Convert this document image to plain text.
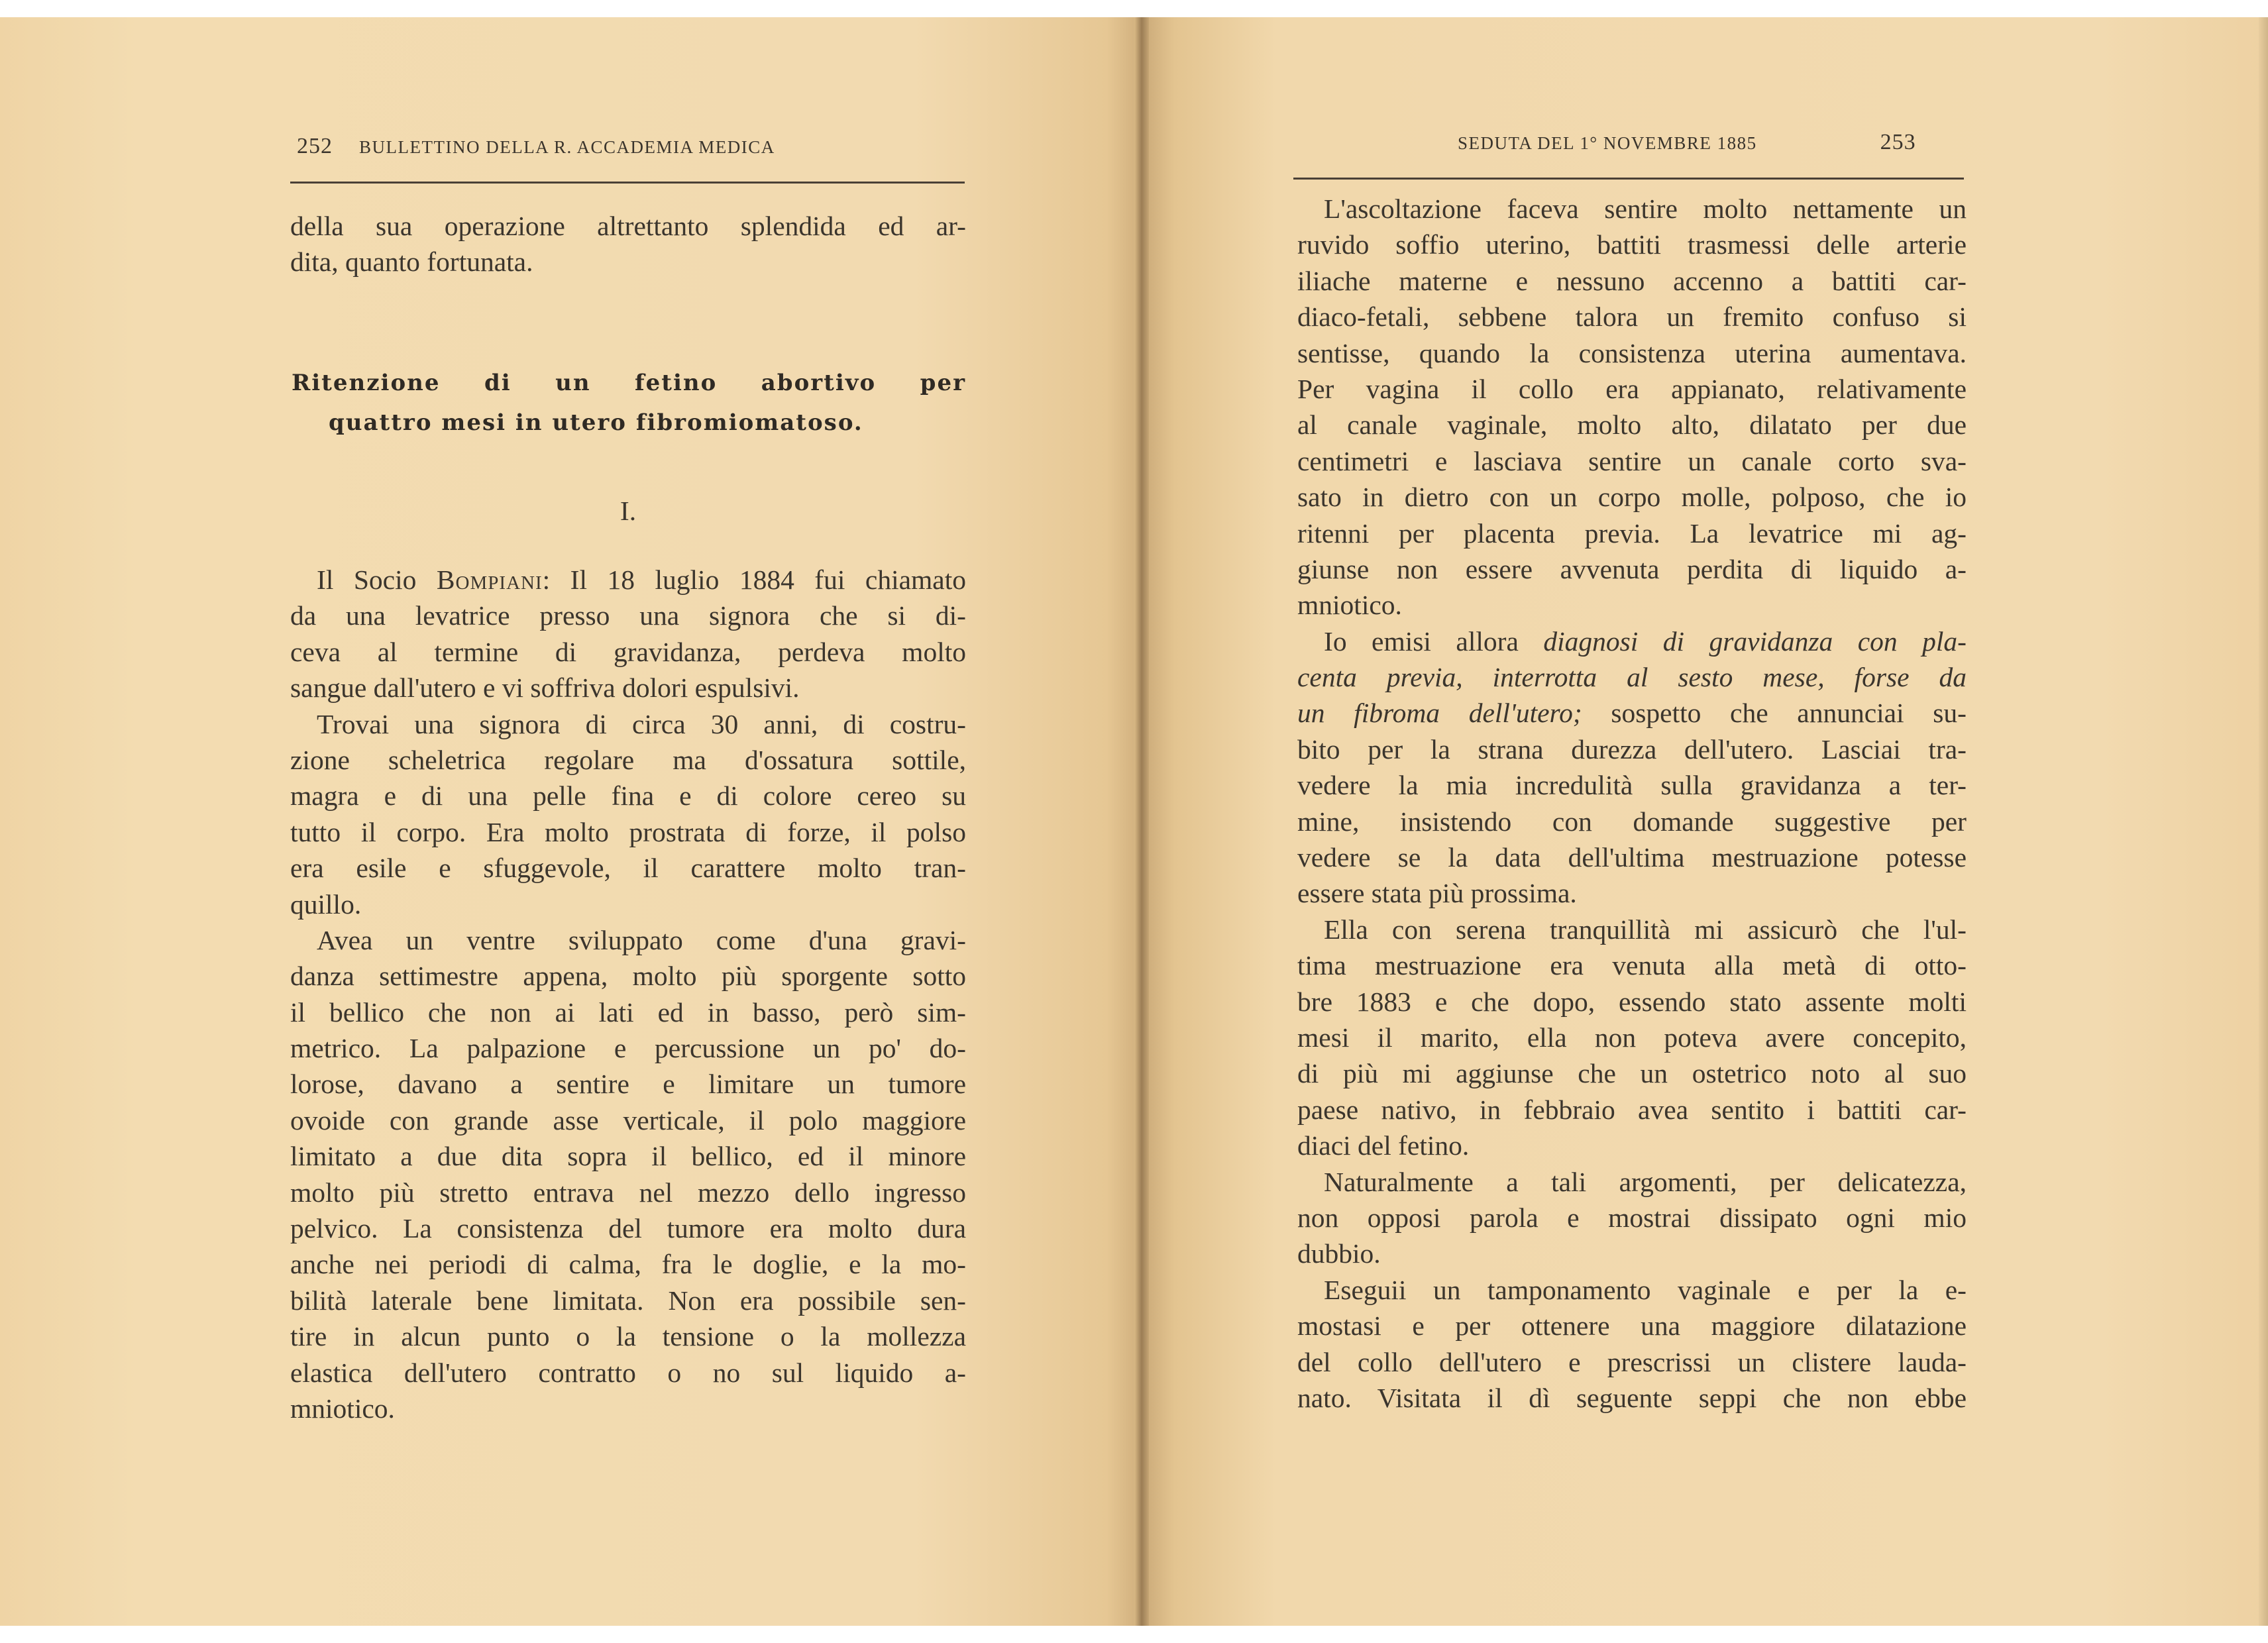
252 BULLETTINO DELLA R. ACCADEMIA MEDICA
della sua operazione altrettanto splendida ed ar-
dita, quanto fortunata.
Ritenzione di un fetino abortivo per
quattro mesi in utero fibromiomatoso.
I.
Il Socio Bompiani: Il 18 luglio 1884 fui chiamato
da una levatrice presso una signora che si di-
ceva al termine di gravidanza, perdeva molto
sangue dall'utero e vi soffriva dolori espulsivi.
Trovai una signora di circa 30 anni, di costru-
zione scheletrica regolare ma d'ossatura sottile,
magra e di una pelle fina e di colore cereo su
tutto il corpo. Era molto prostrata di forze, il polso
era esile e sfuggevole, il carattere molto tran-
quillo.
Avea un ventre sviluppato come d'una gravi-
danza settimestre appena, molto più sporgente sotto
il bellico che non ai lati ed in basso, però sim-
metrico. La palpazione e percussione un po' do-
lorose, davano a sentire e limitare un tumore
ovoide con grande asse verticale, il polo maggiore
limitato a due dita sopra il bellico, ed il minore
molto più stretto entrava nel mezzo dello ingresso
pelvico. La consistenza del tumore era molto dura
anche nei periodi di calma, fra le doglie, e la mo-
bilità laterale bene limitata. Non era possibile sen-
tire in alcun punto o la tensione o la mollezza
elastica dell'utero contratto o no sul liquido a-
mniotico.
SEDUTA DEL 1° NOVEMBRE 1885	253
L'ascoltazione faceva sentire molto nettamente un
ruvido soffio uterino, battiti trasmessi delle arterie
iliache materne e nessuno accenno a battiti car-
diaco-fetali, sebbene talora un fremito confuso si
sentisse, quando la consistenza uterina aumentava.
Per vagina il collo era appianato, relativamente
al canale vaginale, molto alto, dilatato per due
centimetri e lasciava sentire un canale corto sva-
sato in dietro con un corpo molle, polposo, che io
ritenni per placenta previa. La levatrice mi ag-
giunse non essere avvenuta perdita di liquido a-
mniotico.
Io emisi allora diagnosi di gravidanza con pla-
centa previa, interrotta al sesto mese, forse da
un fibroma dell'utero; sospetto che annunciai su-
bito per la strana durezza dell'utero. Lasciai tra-
vedere la mia incredulità sulla gravidanza a ter-
mine, insistendo con domande suggestive per
vedere se la data dell'ultima mestruazione potesse
essere stata più prossima.
Ella con serena tranquillità mi assicurò che l'ul-
tima mestruazione era venuta alla metà di otto-
bre 1883 e che dopo, essendo stato assente molti
mesi il marito, ella non poteva avere concepito,
di più mi aggiunse che un ostetrico noto al suo
paese nativo, in febbraio avea sentito i battiti car-
diaci del fetino.
Naturalmente a tali argomenti, per delicatezza,
non opposi parola e mostrai dissipato ogni mio
dubbio.
Eseguii un tamponamento vaginale e per la e-
mostasi e per ottenere una maggiore dilatazione
del collo dell'utero e prescrissi un clistere lauda-
nato. Visitata il dì seguente seppi che non ebbe
